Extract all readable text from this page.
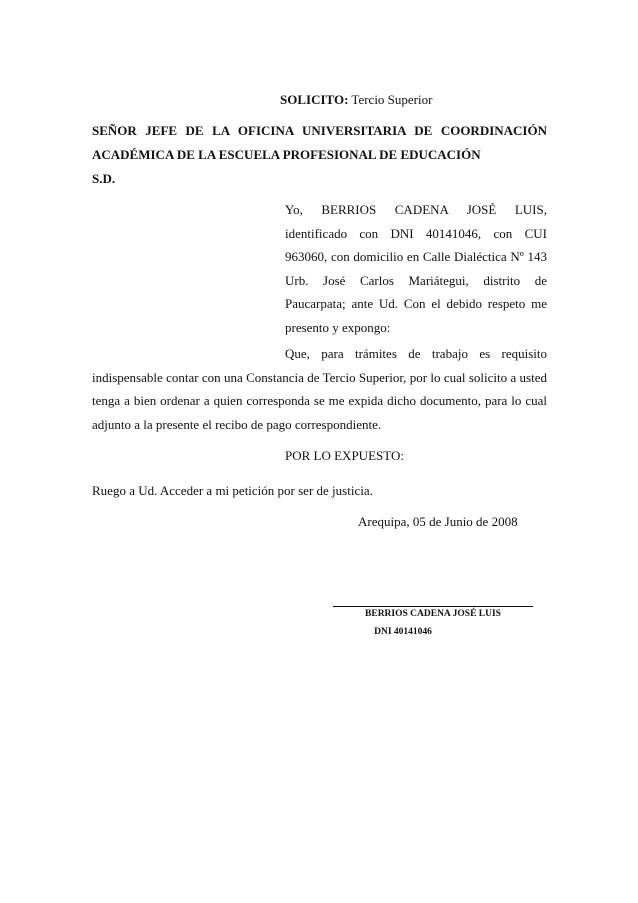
SOLICITO: Tercio Superior
SEÑOR JEFE DE LA OFICINA UNIVERSITARIA DE COORDINACIÓN
ACADÉMICA DE LA ESCUELA PROFESIONAL DE EDUCACIÓN
S.D.
Yo, BERRIOS CADENA JOSÉ LUIS, identificado con DNI 40141046, con CUI 963060, con domicilio en Calle Dialéctica Nº 143 Urb. José Carlos Mariátegui, distrito de Paucarpata; ante Ud. Con el debido respeto me presento y expongo:
Que, para trámites de trabajo es requisito indispensable contar con una Constancia de Tercio Superior, por lo cual solicito a usted tenga a bien ordenar a quien corresponda se me expida dicho documento, para lo cual adjunto a la presente el recibo de pago correspondiente.
POR LO EXPUESTO:
Ruego a Ud. Acceder a mi petición por ser de justicia.
Arequipa, 05 de Junio de 2008
BERRIOS CADENA JOSÉ LUIS
DNI 40141046
